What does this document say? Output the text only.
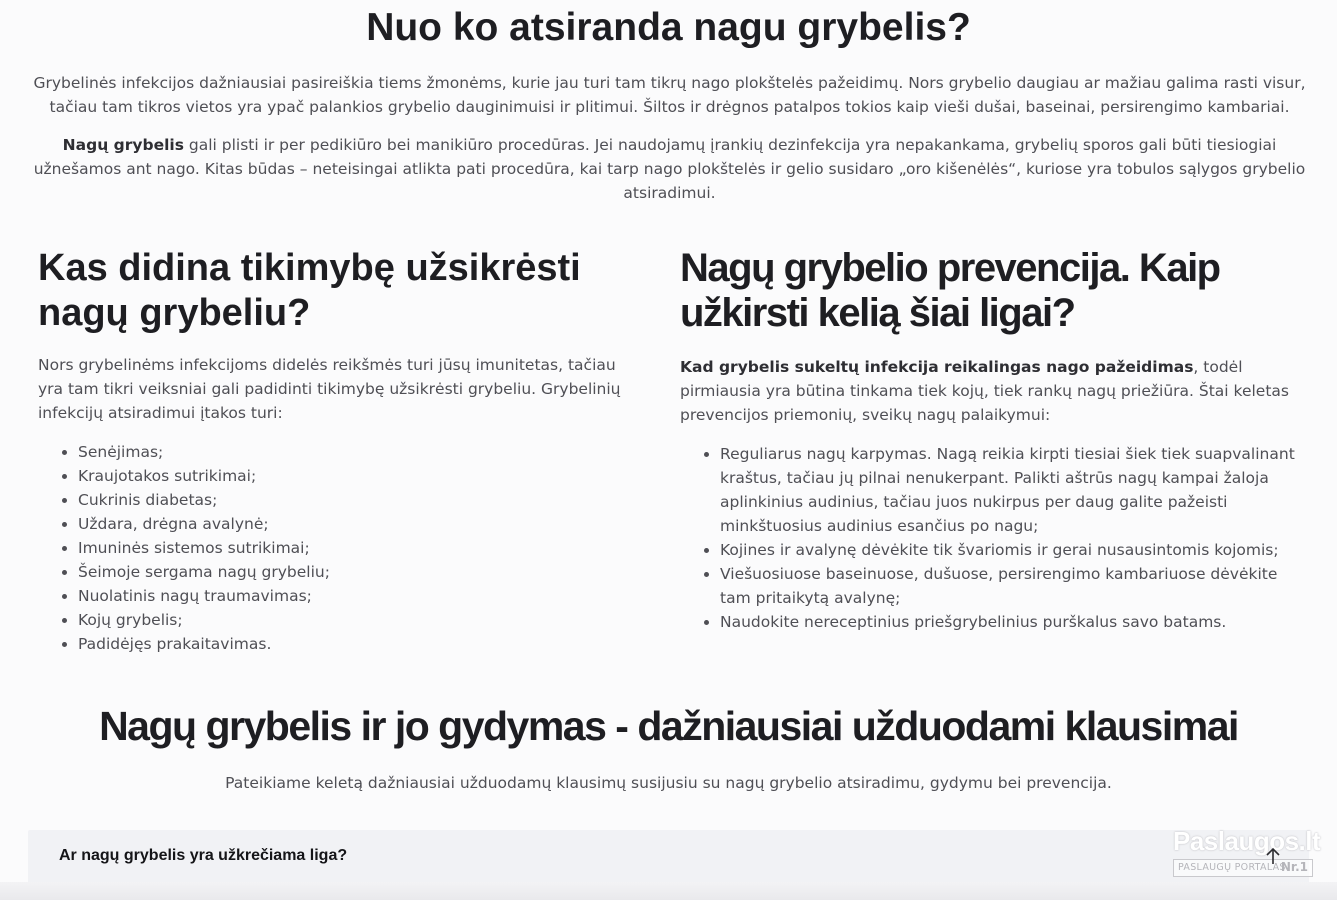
Nuo ko atsiranda nagu grybelis?

Grybelinės infekcijos dažniausiai pasireiškia tiems žmonėms, kurie jau turi tam tikrų nago plokštelės pažeidimų. Nors grybelio daugiau ar mažiau galima rasti visur, tačiau tam tikros vietos yra ypač palankios grybelio dauginimuisi ir plitimui. Šiltos ir drėgnos patalpos tokios kaip vieši dušai, baseinai, persirengimo kambariai.

Nagų grybelis gali plisti ir per pedikiūro bei manikiūro procedūras. Jei naudojamų įrankių dezinfekcija yra nepakankama, grybelių sporos gali būti tiesiogiai užnešamos ant nago. Kitas būdas – neteisingai atlikta pati procedūra, kai tarp nago plokštelės ir gelio susidaro „oro kišenėlės“, kuriose yra tobulos sąlygos grybelio atsiradimui.

Kas didina tikimybę užsikrėsti nagų grybeliu?

Nors grybelinėms infekcijoms didelės reikšmės turi jūsų imunitetas, tačiau yra tam tikri veiksniai gali padidinti tikimybę užsikrėsti grybeliu. Grybelinių infekcijų atsiradimui įtakos turi:

Senėjimas;
Kraujotakos sutrikimai;
Cukrinis diabetas;
Uždara, drėgna avalynė;
Imuninės sistemos sutrikimai;
Šeimoje sergama nagų grybeliu;
Nuolatinis nagų traumavimas;
Kojų grybelis;
Padidėjęs prakaitavimas.
Nagų grybelio prevencija. Kaip užkirsti kelią šiai ligai?

Kad grybelis sukeltų infekcija reikalingas nago pažeidimas, todėl pirmiausia yra būtina tinkama tiek kojų, tiek rankų nagų priežiūra. Štai keletas prevencijos priemonių, sveikų nagų palaikymui:

Reguliarus nagų karpymas. Nagą reikia kirpti tiesiai šiek tiek suapvalinant kraštus, tačiau jų pilnai nenukerpant. Palikti aštrūs nagų kampai žaloja aplinkinius audinius, tačiau juos nukirpus per daug galite pažeisti minkštuosius audinius esančius po nagu;
Kojines ir avalynę dėvėkite tik švariomis ir gerai nusausintomis kojomis;
Viešuosiuose baseinuose, dušuose, persirengimo kambariuose dėvėkite tam pritaikytą avalynę;
Naudokite nereceptinius priešgrybelinius purškalus savo batams.
Nagų grybelis ir jo gydymas - dažniausiai užduodami klausimai

Pateikiame keletą dažniausiai užduodamų klausimų susijusiu su nagų grybelio atsiradimu, gydymu bei prevencija.

Ar nagų grybelis yra užkrečiama liga?	Paslaugos.lt
PASLAUGŲ PORTALAS
Nr.1
